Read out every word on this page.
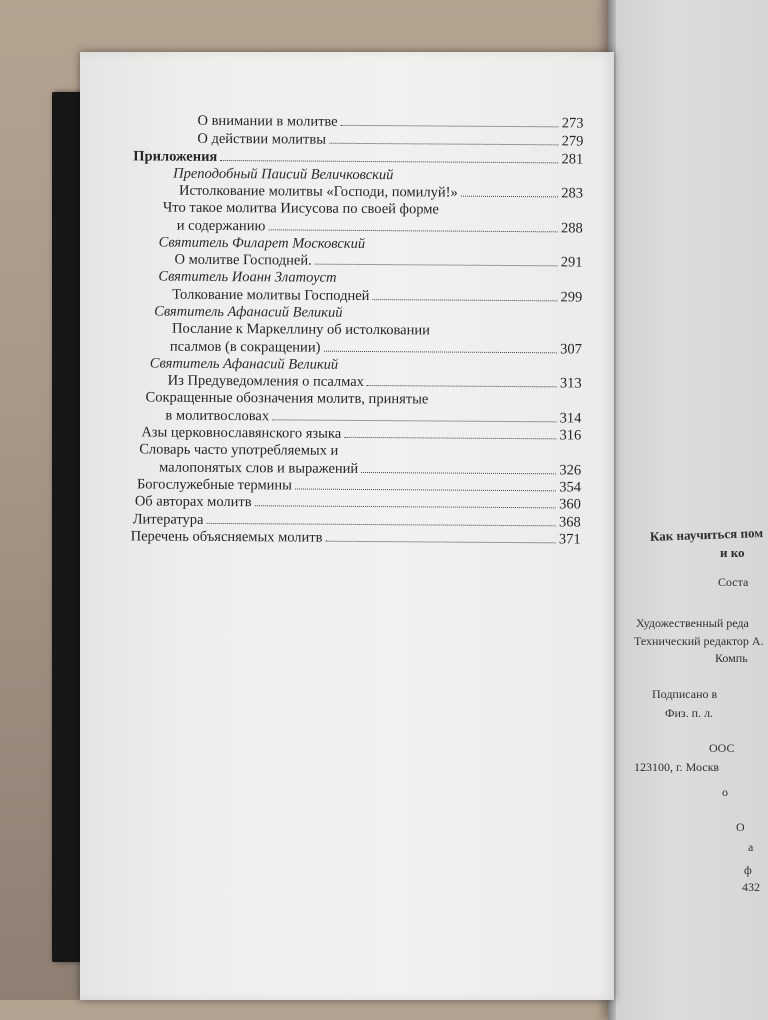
Как научиться пом
и ко
Соста
Художественный реда
Технический редактор А.
Компь
Подписано в
Физ. п. л.
ООС
123100, г. Москв
о
О
а
ф
432
О внимании в молитве	273
О действии молитвы	279
Приложения	281
Преподобный Паисий Величковский
Истолкование молитвы «Господи, помилуй!»	283
Что такое молитва Иисусова по своей форме
и содержанию	288
Святитель Филарет Московский
О молитве Господней.	291
Святитель Иоанн Златоуст
Толкование молитвы Господней	299
Святитель Афанасий Великий
Послание к Маркеллину об истолковании
псалмов (в сокращении)	307
Святитель Афанасий Великий
Из Предуведомления о псалмах	313
Сокращенные обозначения молитв, принятые
в молитвословах	314
Азы церковнославянского языка	316
Словарь часто употребляемых и
малопонятых слов и выражений	326
Богослужебные термины	354
Об авторах молитв	360
Литература	368
Перечень объясняемых молитв	371
